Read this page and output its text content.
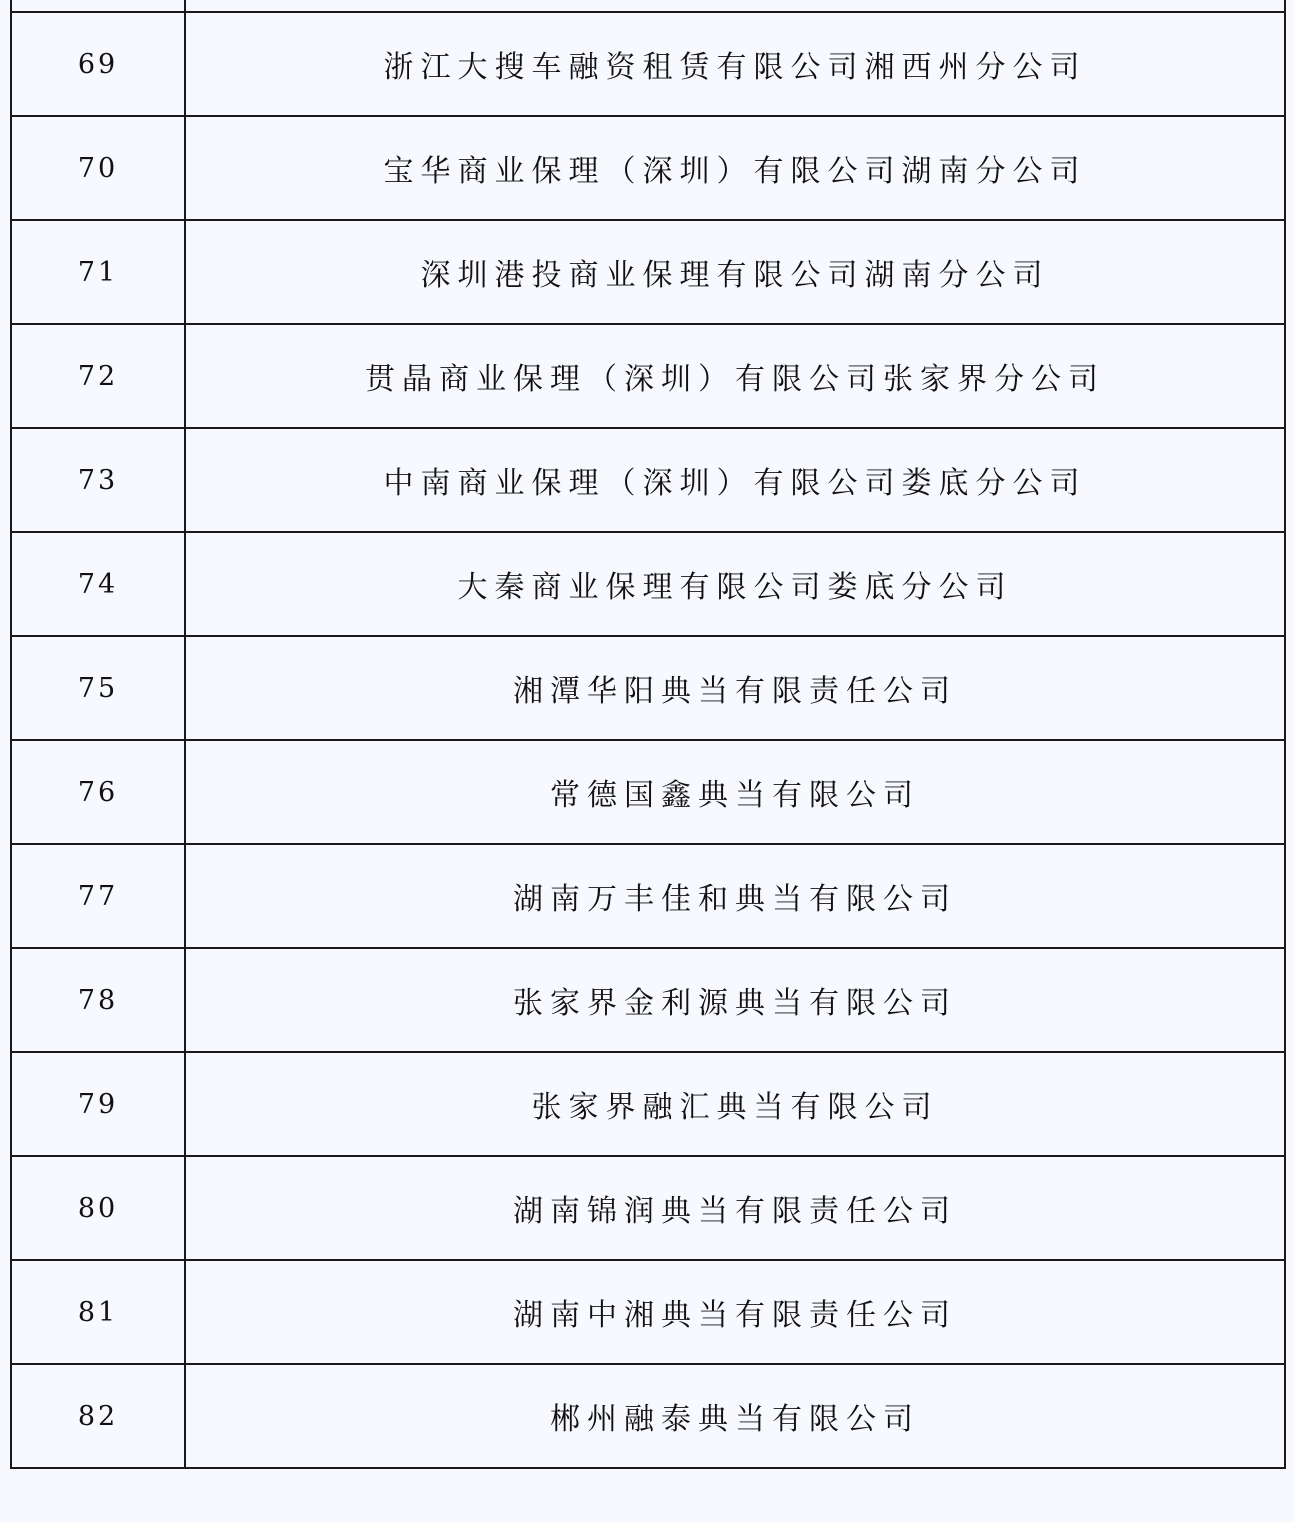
69	浙江大搜车融资租赁有限公司湘西州分公司
70	宝华商业保理（深圳）有限公司湖南分公司
71	深圳港投商业保理有限公司湖南分公司
72	贯晶商业保理（深圳）有限公司张家界分公司
73	中南商业保理（深圳）有限公司娄底分公司
74	大秦商业保理有限公司娄底分公司
75	湘潭华阳典当有限责任公司
76	常德国鑫典当有限公司
77	湖南万丰佳和典当有限公司
78	张家界金利源典当有限公司
79	张家界融汇典当有限公司
80	湖南锦润典当有限责任公司
81	湖南中湘典当有限责任公司
82	郴州融泰典当有限公司
